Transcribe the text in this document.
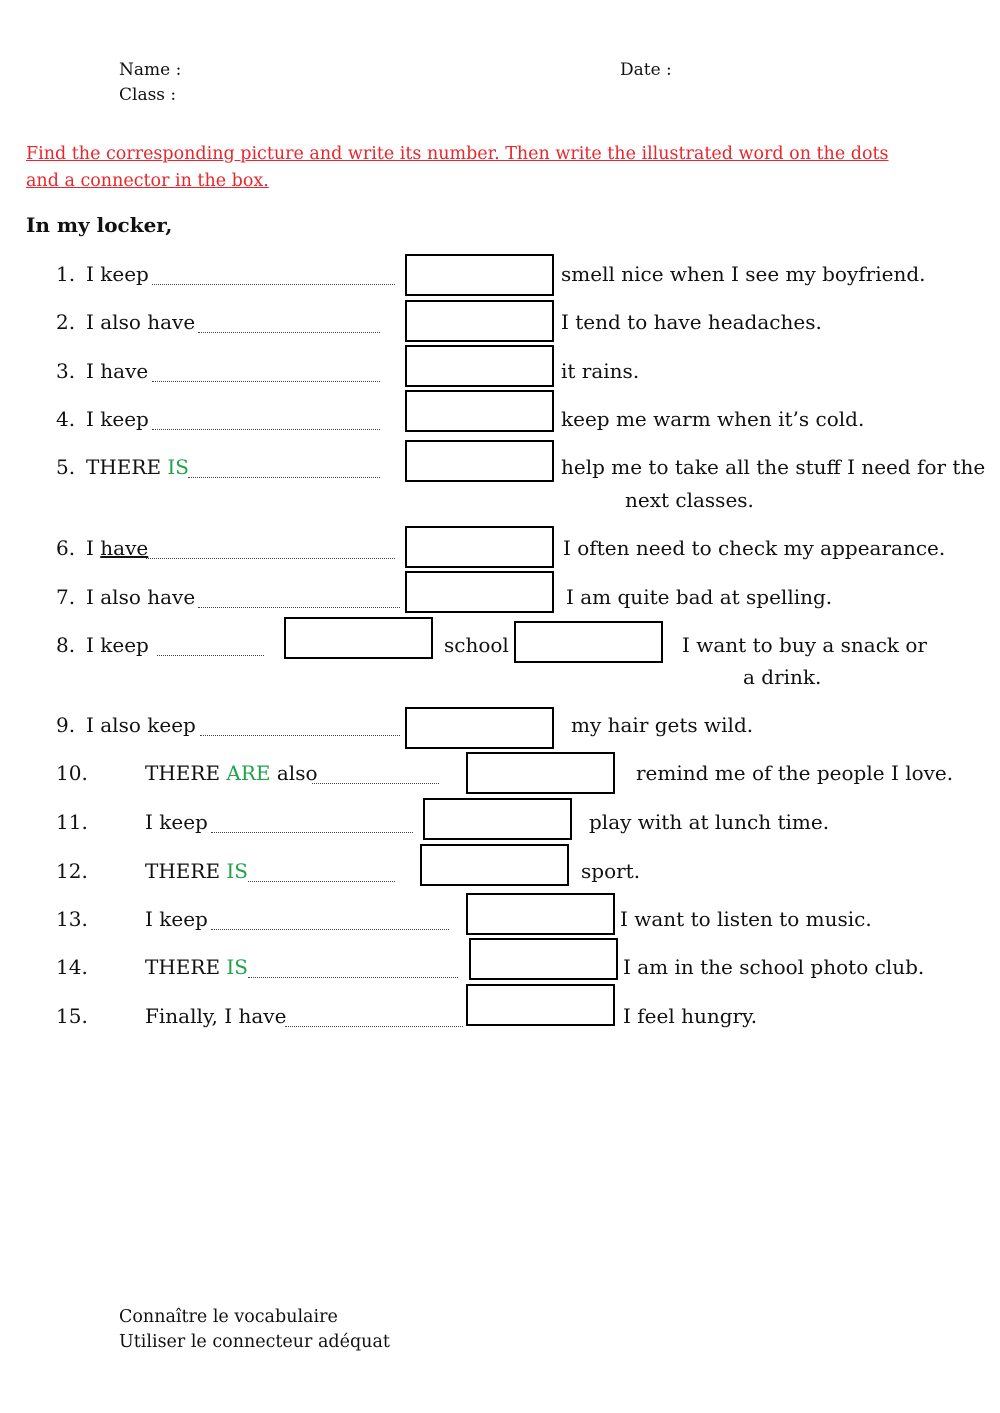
Name :	Date :
Class :
Find the corresponding picture and write its number. Then write the illustrated word on the dots and a connector in the box.
In my locker,
1. I keep	smell nice when I see my boyfriend.
2. I also have	I tend to have headaches.
3. I have	it rains.
4. I keep	keep me warm when it’s cold.
5. THERE IS	help me to take all the stuff I need for the
next classes.
6. I have	I often need to check my appearance.
7. I also have	I am quite bad at spelling.
8. I keep	school	I want to buy a snack or
a drink.
9. I also keep	my hair gets wild.
10.	THERE ARE also	remind me of the people I love.
11.	I keep	play with at lunch time.
12.	THERE IS	sport.
13.	I keep	I want to listen to music.
14.	THERE IS	I am in the school photo club.
15.	Finally, I have	I feel hungry.
Connaître le vocabulaire
Utiliser le connecteur adéquat
